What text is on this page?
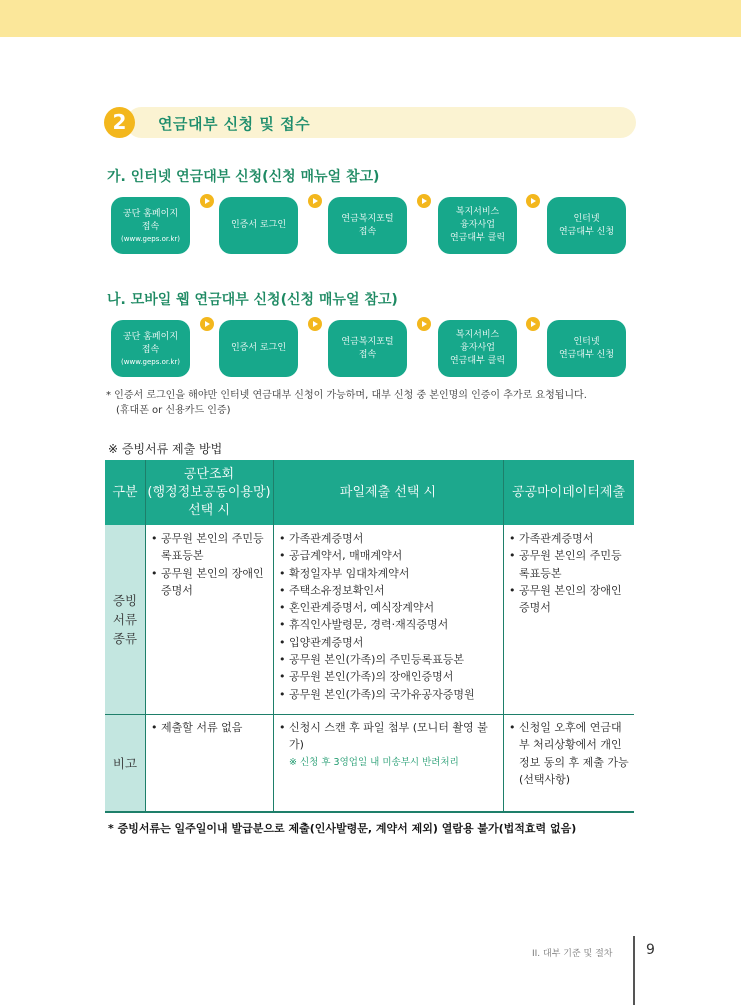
2	연금대부 신청 및 접수
가. 인터넷 연금대부 신청(신청 매뉴얼 참고)
공단 홈페이지
접속
(www.geps.or.kr)
인증서 로그인
연금복지포털
접속
복지서비스
융자사업
연금대부 클릭
인터넷
연금대부 신청
나. 모바일 웹 연금대부 신청(신청 매뉴얼 참고)
공단 홈페이지
접속
(www.geps.or.kr)
인증서 로그인
연금복지포털
접속
복지서비스
융자사업
연금대부 클릭
인터넷
연금대부 신청
* 인증서 로그인을 해야만 인터넷 연금대부 신청이 가능하며, 대부 신청 중 본인명의 인증이 추가로 요청됩니다.
(휴대폰 or 신용카드 인증)
※ 증빙서류 제출 방법
구분
공단조회
(행정정보공동이용망)
선택 시
파일제출 선택 시	공공마이데이터제출
증빙
서류
종류
• 공무원 본인의 주민등록표등본
• 공무원 본인의 장애인증명서
• 가족관계증명서
• 공급계약서, 매매계약서
• 확정일자부 임대차계약서
• 주택소유정보확인서
• 혼인관계증명서, 예식장계약서
• 휴직인사발령문, 경력·재직증명서
• 입양관계증명서
• 공무원 본인(가족)의 주민등록표등본
• 공무원 본인(가족)의 장애인증명서
• 공무원 본인(가족)의 국가유공자증명원
• 가족관계증명서
• 공무원 본인의 주민등록표등본
• 공무원 본인의 장애인증명서
비고
• 제출할 서류 없음
•	신청시 스캔 후 파일 첨부 (모니터 촬영 불가)
※ 신청 후 3영업일 내 미송부시 반려처리
• 신청일 오후에 연금대부 처리상황에서 개인정보 동의 후 제출 가능(선택사항)
* 증빙서류는 일주일이내 발급분으로 제출(인사발령문, 계약서 제외) 열람용 불가(법적효력 없음)
II. 대부 기준 및 절차 9
